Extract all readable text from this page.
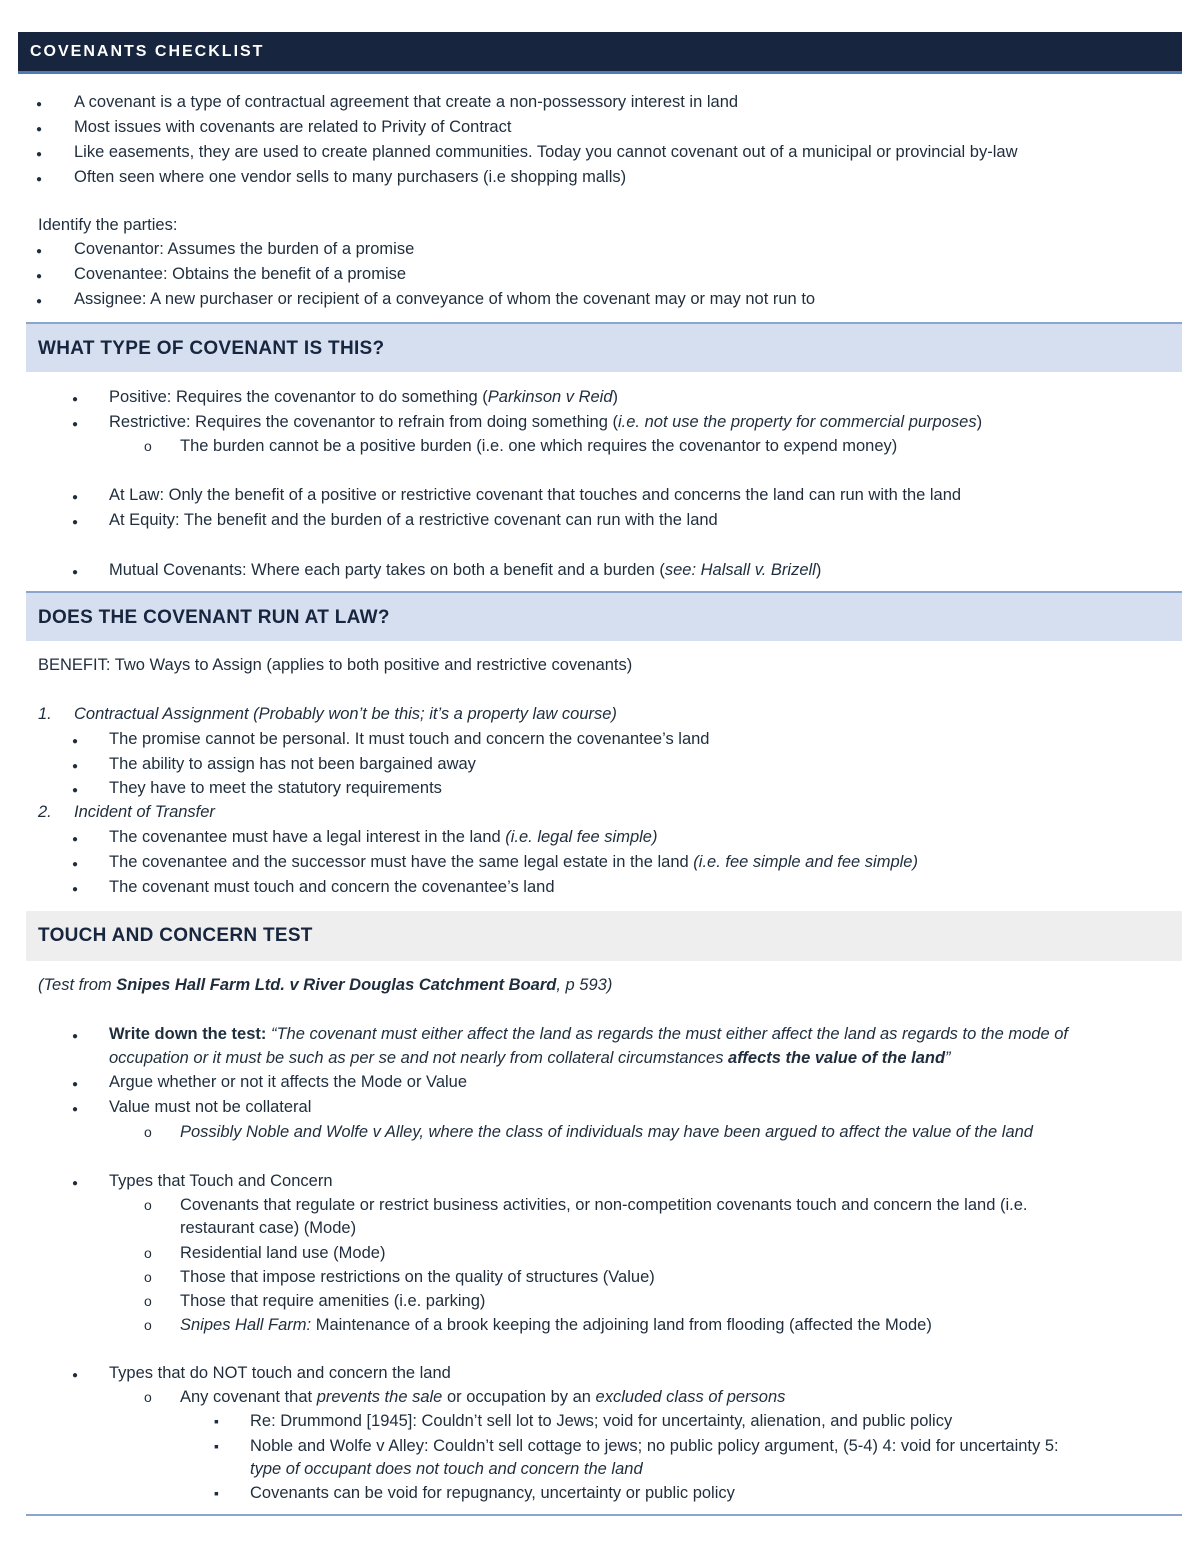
COVENANTS CHECKLIST
●
A covenant is a type of contractual agreement that create a non-possessory interest in land
●
Most issues with covenants are related to Privity of Contract
●
Like easements, they are used to create planned communities. Today you cannot covenant out of a municipal or provincial by-law
●
Often seen where one vendor sells to many purchasers (i.e shopping malls)
Identify the parties:
●
Covenantor: Assumes the burden of a promise
●
Covenantee: Obtains the benefit of a promise
●
Assignee: A new purchaser or recipient of a conveyance of whom the covenant may or may not run to
WHAT TYPE OF COVENANT IS THIS?
●
Positive: Requires the covenantor to do something (Parkinson v Reid)
●
Restrictive: Requires the covenantor to refrain from doing something (i.e. not use the property for commercial purposes)
o
The burden cannot be a positive burden (i.e. one which requires the covenantor to expend money)
●
At Law: Only the benefit of a positive or restrictive covenant that touches and concerns the land can run with the land
●
At Equity: The benefit and the burden of a restrictive covenant can run with the land
●
Mutual Covenants: Where each party takes on both a benefit and a burden (see: Halsall v. Brizell)
DOES THE COVENANT RUN AT LAW?
BENEFIT: Two Ways to Assign (applies to both positive and restrictive covenants)
1. Contractual Assignment (Probably won’t be this; it’s a property law course)
●
The promise cannot be personal. It must touch and concern the covenantee’s land
●
The ability to assign has not been bargained away
●
They have to meet the statutory requirements
2. Incident of Transfer
●
The covenantee must have a legal interest in the land (i.e. legal fee simple)
●
The covenantee and the successor must have the same legal estate in the land (i.e. fee simple and fee simple)
●
The covenant must touch and concern the covenantee’s land
TOUCH AND CONCERN TEST
(Test from Snipes Hall Farm Ltd. v River Douglas Catchment Board, p 593)
●
Write down the test: “The covenant must either affect the land as regards the must either affect the land as regards to the mode of
occupation or it must be such as per se and not nearly from collateral circumstances affects the value of the land”
●
Argue whether or not it affects the Mode or Value
●
Value must not be collateral
o
Possibly Noble and Wolfe v Alley, where the class of individuals may have been argued to affect the value of the land
●
Types that Touch and Concern
o
Covenants that regulate or restrict business activities, or non-competition covenants touch and concern the land (i.e.
restaurant case) (Mode)
o
Residential land use (Mode)
o
Those that impose restrictions on the quality of structures (Value)
o
Those that require amenities (i.e. parking)
o
Snipes Hall Farm: Maintenance of a brook keeping the adjoining land from flooding (affected the Mode)
●
Types that do NOT touch and concern the land
o
Any covenant that prevents the sale or occupation by an excluded class of persons
▪
Re: Drummond [1945]: Couldn’t sell lot to Jews; void for uncertainty, alienation, and public policy
▪
Noble and Wolfe v Alley: Couldn’t sell cottage to jews; no public policy argument, (5-4) 4: void for uncertainty 5:
type of occupant does not touch and concern the land
▪
Covenants can be void for repugnancy, uncertainty or public policy
